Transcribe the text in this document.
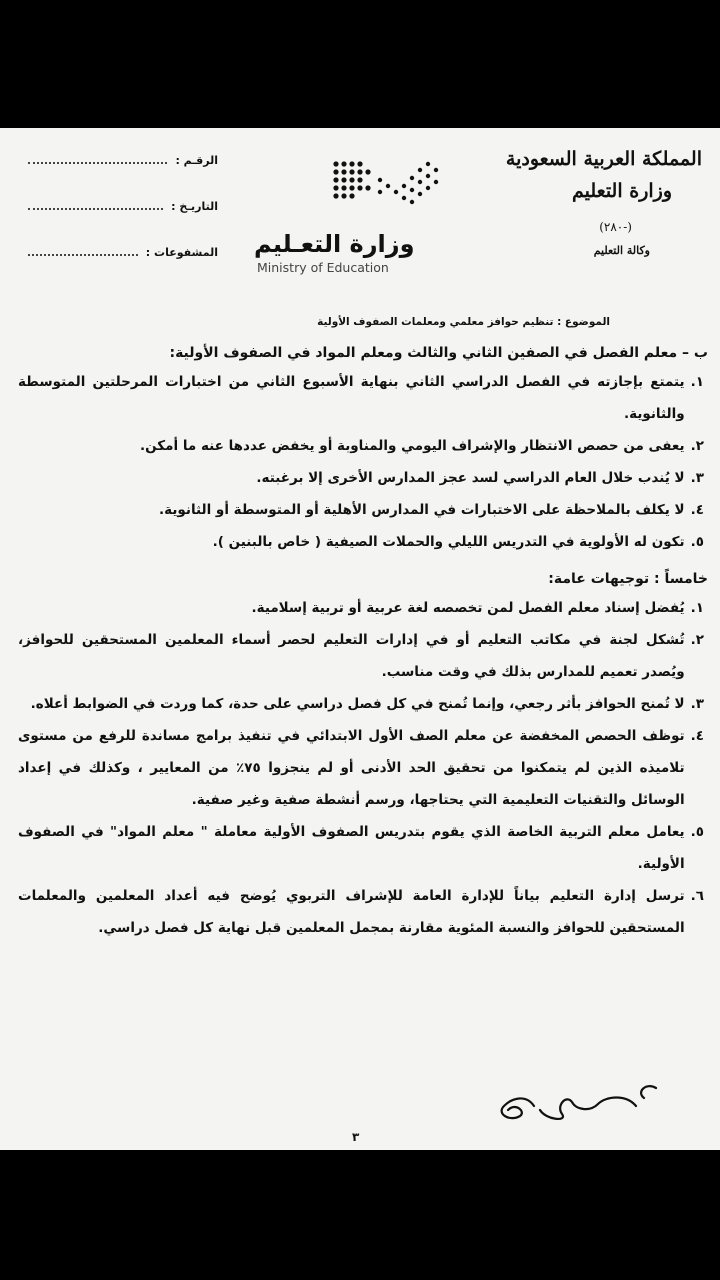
المملكة العربية السعودية
وزارة التعليم
(٢٨٠-)
وكالة التعليم
الرقـم :
التاريـخ :
المشفوعات : وزارة التعـليم
Ministry of Education
الموضوع : تنظيم حوافز معلمي ومعلمات الصفوف الأولية

ب – معلم الفصل في الصفين الثاني والثالث ومعلم المواد في الصفوف الأولية:

١.
يتمتع بإجازته في الفصل الدراسي الثاني بنهاية الأسبوع الثاني من اختبارات المرحلتين المتوسطة والثانوية.

٢.
يعفى من حصص الانتظار والإشراف اليومي والمناوبة أو يخفض عددها عنه ما أمكن.

٣.
لا يُندب خلال العام الدراسي لسد عجز المدارس الأخرى إلا برغبته.

٤.
لا يكلف بالملاحظة على الاختبارات في المدارس الأهلية أو المتوسطة أو الثانوية.

٥.
تكون له الأولوية في التدريس الليلي والحملات الصيفية ( خاص بالبنين ).

خامساً : توجيهات عامة:

١.
يُفضل إسناد معلم الفصل لمن تخصصه لغة عربية أو تربية إسلامية.

٢.
تُشكل لجنة في مكاتب التعليم أو في إدارات التعليم لحصر أسماء المعلمين المستحقين للحوافز، ويُصدر تعميم للمدارس بذلك في وقت مناسب.

٣.
لا تُمنح الحوافز بأثر رجعي، وإنما تُمنح في كل فصل دراسي على حدة، كما وردت في الضوابط أعلاه.

٤.
توظف الحصص المخفضة عن معلم الصف الأول الابتدائي في تنفيذ برامج مساندة للرفع من مستوى تلاميذه الذين لم يتمكنوا من تحقيق الحد الأدنى أو لم ينجزوا ٧٥٪ من المعايير ، وكذلك في إعداد الوسائل والتقنيات التعليمية التي يحتاجها، ورسم أنشطة صفية وغير صفية.

٥.
يعامل معلم التربية الخاصة الذي يقوم بتدريس الصفوف الأولية معاملة " معلم المواد" في الصفوف الأولية.

٦.
ترسل إدارة التعليم بياناً للإدارة العامة للإشراف التربوي يُوضح فيه أعداد المعلمين والمعلمات المستحقين للحوافز والنسبة المئوية مقارنة بمجمل المعلمين قبل نهاية كل فصل دراسي.

٣
